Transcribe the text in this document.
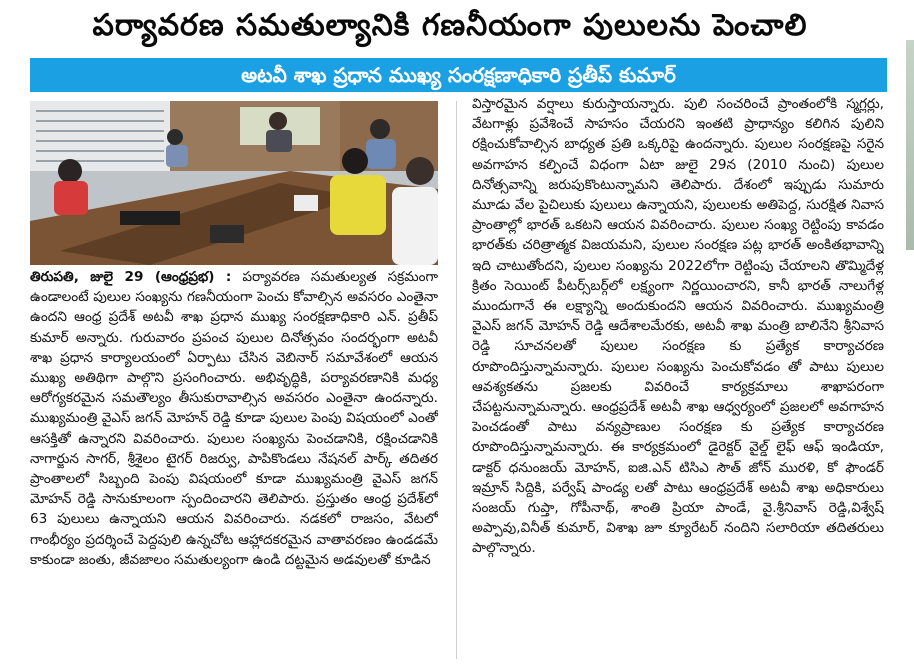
పర్యావరణ సమతుల్యానికి గణనీయంగా పులులను పెంచాలి
అటవీ శాఖ ప్రధాన ముఖ్య సంరక్షణాధికారి ప్రతీప్ కుమార్

తిరుపతి, జులై 29 (ఆంధ్రప్రభ) : పర్యావరణ సమతుల్యత సక్రమంగా ఉండాలంటే పులుల సంఖ్యను గణనీయంగా పెంచు కోవాల్సిన అవసరం ఎంతైనా ఉందని ఆంధ్ర ప్రదేశ్ అటవీ శాఖ ప్రధాన ముఖ్య సంరక్షణాధికారి ఎన్. ప్రతీప్ కుమార్ అన్నారు. గురువారం ప్రపంచ పులుల దినోత్సవం సందర్భంగా అటవీ శాఖ ప్రధాన కార్యాలయంలో ఏర్పాటు చేసిన వెబినార్ సమావేశంలో ఆయన ముఖ్య అతిథిగా పాల్గొని ప్రసంగించారు. అభివృద్ధికి, పర్యావరణానికి మధ్య ఆరోగ్యకరమైన సమతౌల్యం తీసుకురావాల్సిన అవసరం ఎంతైనా ఉందన్నారు. ముఖ్యమంత్రి వైఎస్ జగన్ మోహన్ రెడ్డి కూడా పులుల పెంపు విషయంలో ఎంతో ఆసక్తితో ఉన్నారని వివరించారు. పులుల సంఖ్యను పెంచడానికి, రక్షించడానికి నాగార్జున సాగర్, శ్రీశైలం టైగర్ రిజర్వు, పాపికొండలు నేషనల్ పార్క్ తదితర ప్రాంతాలలో సిబ్బంది పెంపు విషయంలో కూడా ముఖ్యమంత్రి వైఎస్ జగన్ మోహన్ రెడ్డి సానుకూలంగా స్పందించారని తెలిపారు. ప్రస్తుతం ఆంధ్ర ప్రదేశ్‌లో 63 పులులు ఉన్నాయని ఆయన వివరించారు. నడకలో రాజసం, వేటలో గాంభీర్యం ప్రదర్శించే పెద్దపులి ఉన్నచోట ఆహ్లాదకరమైన వాతావరణం ఉండడమే కాకుండా జంతు, జీవజాలం సమతుల్యంగా ఉండి దట్టమైన అడవులతో కూడిన

విస్తారమైన వర్షాలు కురుస్తాయన్నారు. పులి సంచరించే ప్రాంతంలోకి స్మగ్లర్లు, వేటగాళ్లు ప్రవేశించే సాహసం చేయరని ఇంతటి ప్రాధాన్యం కలిగిన పులిని రక్షించుకోవాల్సిన బాధ్యత ప్రతి ఒక్కరిపై ఉందన్నారు. పులుల సంరక్షణపై సరైన అవగాహన కల్పించే విధంగా ఏటా జులై 29న (2010 నుంచి) పులుల దినోత్సవాన్ని జరుపుకొంటున్నామని తెలిపారు. దేశంలో ఇప్పుడు సుమారు మూడు వేల పైచిలుకు పులులు ఉన్నాయని, పులులకు అతిపెద్ద, సురక్షిత నివాస ప్రాంతాల్లో భారత్ ఒకటని ఆయన వివరించారు. పులుల సంఖ్య రెట్టింపు కావడం భారత్‌కు చరిత్రాత్మక విజయమని, పులుల సంరక్షణ పట్ల భారత్ అంకితభావాన్ని ఇది చాటుతోందని, పులుల సంఖ్యను 2022లోగా రెట్టింపు చేయాలని తొమ్మిదేళ్ల క్రితం సెయింట్ పీటర్స్‌బర్గ్‌లో లక్ష్యంగా నిర్ణయించారని, కానీ భారత్ నాలుగేళ్ల ముందుగానే ఈ లక్ష్యాన్ని అందుకుందని ఆయన వివరించారు. ముఖ్యమంత్రి వైఎస్ జగన్ మోహన్ రెడ్డి ఆదేశాలమేరకు, అటవీ శాఖ మంత్రి బాలినేని శ్రీనివాస రెడ్డి సూచనలతో పులుల సంరక్షణ కు ప్రత్యేక కార్యాచరణ రూపొందిస్తున్నామన్నారు. పులుల సంఖ్యను పెంచుకోవడం తో పాటు పులుల ఆవశ్యకతను ప్రజలకు వివరించే కార్యక్రమాలు శాఖాపరంగా చేపట్టనున్నామన్నారు. ఆంధ్రప్రదేశ్ అటవీ శాఖ ఆధ్వర్యంలో ప్రజలలో అవగాహన పెంచడంతో పాటు వన్యప్రాణుల సంరక్షణ కు ప్రత్యేక కార్యాచరణ రూపొందిస్తున్నామన్నారు. ఈ కార్యక్రమంలో డైరెక్టర్ వైల్డ్ లైఫ్ ఆఫ్ ఇండియా, డాక్టర్ ధనుంజయ్ మోహన్, ఐజి.ఎన్ టిసిఎ సౌత్ జోన్ మురళి, కో ఫౌండర్ ఇమ్రాన్ సిద్దికి, పర్వేష్ పాండ్య లతో పాటు ఆంధ్రప్రదేశ్ అటవీ శాఖ అధికారులు సంజయ్ గుప్తా, గోపీనాథ్, శాంతి ప్రియా పాండే, వై.శ్రీనివాస్ రెడ్డి,విశ్వేష్ అప్పావు,వినీత్ కుమార్, విశాఖ జూ క్యూరేటర్ నందిని సలారియా తదితరులు పాల్గొన్నారు.
